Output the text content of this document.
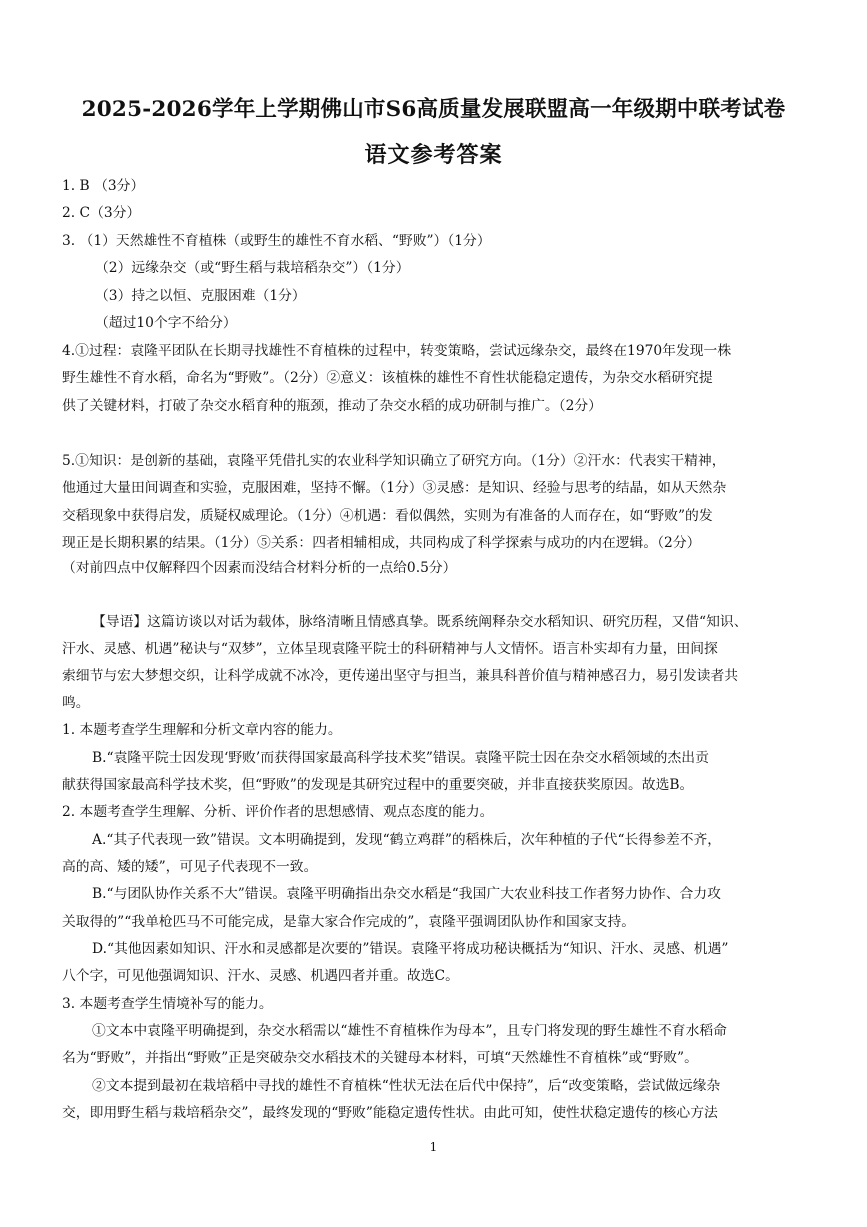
2025-2026学年上学期佛山市S6高质量发展联盟高一年级期中联考试卷
语文参考答案
1. B （3分）
2. C（3分）
3. （1）天然雄性不育植株（或野生的雄性不育水稻、“野败”）（1分）
（2）远缘杂交（或“野生稻与栽培稻杂交”）（1分）
（3）持之以恒、克服困难（1分）
（超过10个字不给分）
4.①过程：袁隆平团队在长期寻找雄性不育植株的过程中，转变策略，尝试远缘杂交，最终在1970年发现一株
野生雄性不育水稻，命名为“野败”。（2分）②意义：该植株的雄性不育性状能稳定遗传，为杂交水稻研究提
供了关键材料，打破了杂交水稻育种的瓶颈，推动了杂交水稻的成功研制与推广。（2分）
5.①知识：是创新的基础，袁隆平凭借扎实的农业科学知识确立了研究方向。（1分）②汗水：代表实干精神，
他通过大量田间调查和实验，克服困难，坚持不懈。（1分）③灵感：是知识、经验与思考的结晶，如从天然杂
交稻现象中获得启发，质疑权威理论。（1分）④机遇：看似偶然，实则为有准备的人而存在，如“野败”的发
现正是长期积累的结果。（1分）⑤关系：四者相辅相成，共同构成了科学探索与成功的内在逻辑。（2分）
（对前四点中仅解释四个因素而没结合材料分析的一点给0.5分）
【导语】这篇访谈以对话为载体，脉络清晰且情感真挚。既系统阐释杂交水稻知识、研究历程，又借“知识、
汗水、灵感、机遇”秘诀与“双梦”，立体呈现袁隆平院士的科研精神与人文情怀。语言朴实却有力量，田间探
索细节与宏大梦想交织，让科学成就不冰冷，更传递出坚守与担当，兼具科普价值与精神感召力，易引发读者共
鸣。
1. 本题考查学生理解和分析文章内容的能力。
B.“袁隆平院士因发现‘野败’而获得国家最高科学技术奖”错误。袁隆平院士因在杂交水稻领域的杰出贡
献获得国家最高科学技术奖，但“野败”的发现是其研究过程中的重要突破，并非直接获奖原因。故选B。
2. 本题考查学生理解、分析、评价作者的思想感情、观点态度的能力。
A.“其子代表现一致”错误。文本明确提到，发现“鹤立鸡群”的稻株后，次年种植的子代“长得参差不齐，
高的高、矮的矮”，可见子代表现不一致。
B.“与团队协作关系不大”错误。袁隆平明确指出杂交水稻是“我国广大农业科技工作者努力协作、合力攻
关取得的”“我单枪匹马不可能完成，是靠大家合作完成的”，袁隆平强调团队协作和国家支持。
D.“其他因素如知识、汗水和灵感都是次要的”错误。袁隆平将成功秘诀概括为“知识、汗水、灵感、机遇”
八个字，可见他强调知识、汗水、灵感、机遇四者并重。故选C。
3. 本题考查学生情境补写的能力。
①文本中袁隆平明确提到，杂交水稻需以“雄性不育植株作为母本”，且专门将发现的野生雄性不育水稻命
名为“野败”，并指出“野败”正是突破杂交水稻技术的关键母本材料，可填“天然雄性不育植株”或“野败”。
②文本提到最初在栽培稻中寻找的雄性不育植株“性状无法在后代中保持”，后“改变策略，尝试做远缘杂
交，即用野生稻与栽培稻杂交”，最终发现的“野败”能稳定遗传性状。由此可知，使性状稳定遗传的核心方法
1
